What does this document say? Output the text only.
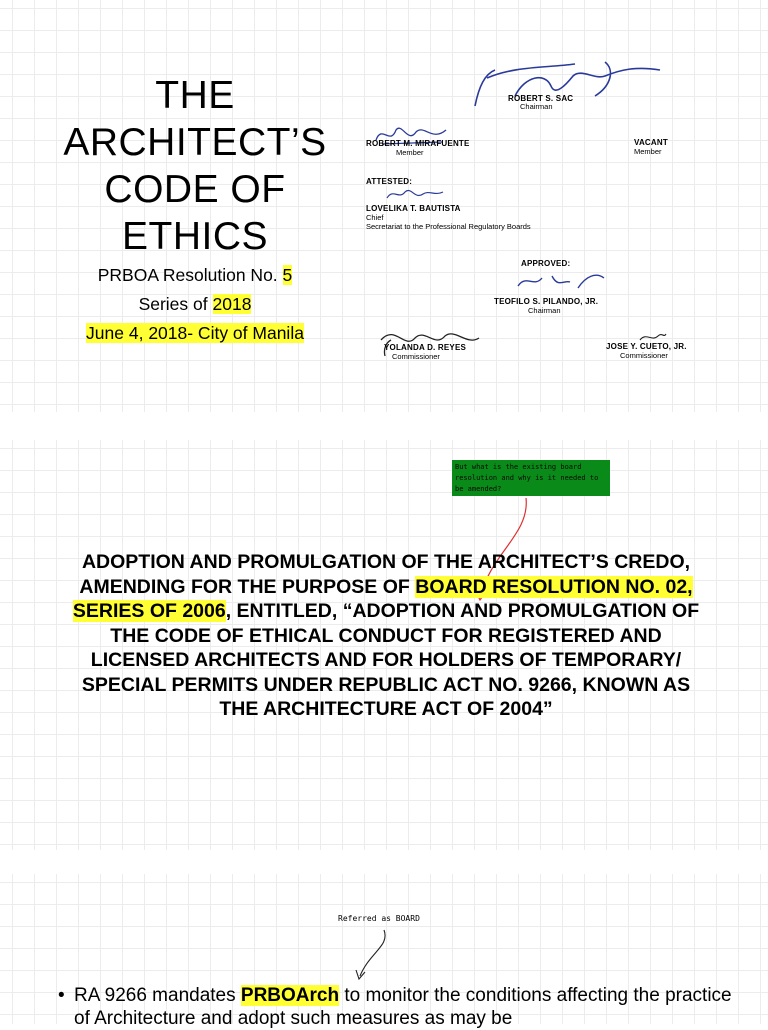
THE
ARCHITECT’S
CODE OF
ETHICS
PRBOA Resolution No. 5
Series of 2018
June 4, 2018- City of Manila
ROBERT S. SAC
Chairman
ROBERT M. MIRAFUENTE
Member
VACANT
Member
ATTESTED:
LOVELIKA T. BAUTISTA
Chief
Secretariat to the Professional Regulatory Boards
APPROVED:
TEOFILO S. PILANDO, JR.
Chairman
YOLANDA D. REYES
Commissioner
JOSE Y. CUETO, JR.
Commissioner
But what is the existing board resolution and why is it needed to be amended?
ADOPTION AND PROMULGATION OF THE ARCHITECT’S CREDO, AMENDING FOR THE PURPOSE OF BOARD RESOLUTION NO. 02, SERIES OF 2006, ENTITLED, “ADOPTION AND PROMULGATION OF THE CODE OF ETHICAL CONDUCT FOR REGISTERED AND LICENSED ARCHITECTS AND FOR HOLDERS OF TEMPORARY/ SPECIAL PERMITS UNDER REPUBLIC ACT NO. 9266, KNOWN AS THE ARCHITECTURE ACT OF 2004”
Referred as BOARD
• RA 9266 mandates PRBOArch to monitor the conditions affecting the practice of Architecture and adopt such measures as may be
